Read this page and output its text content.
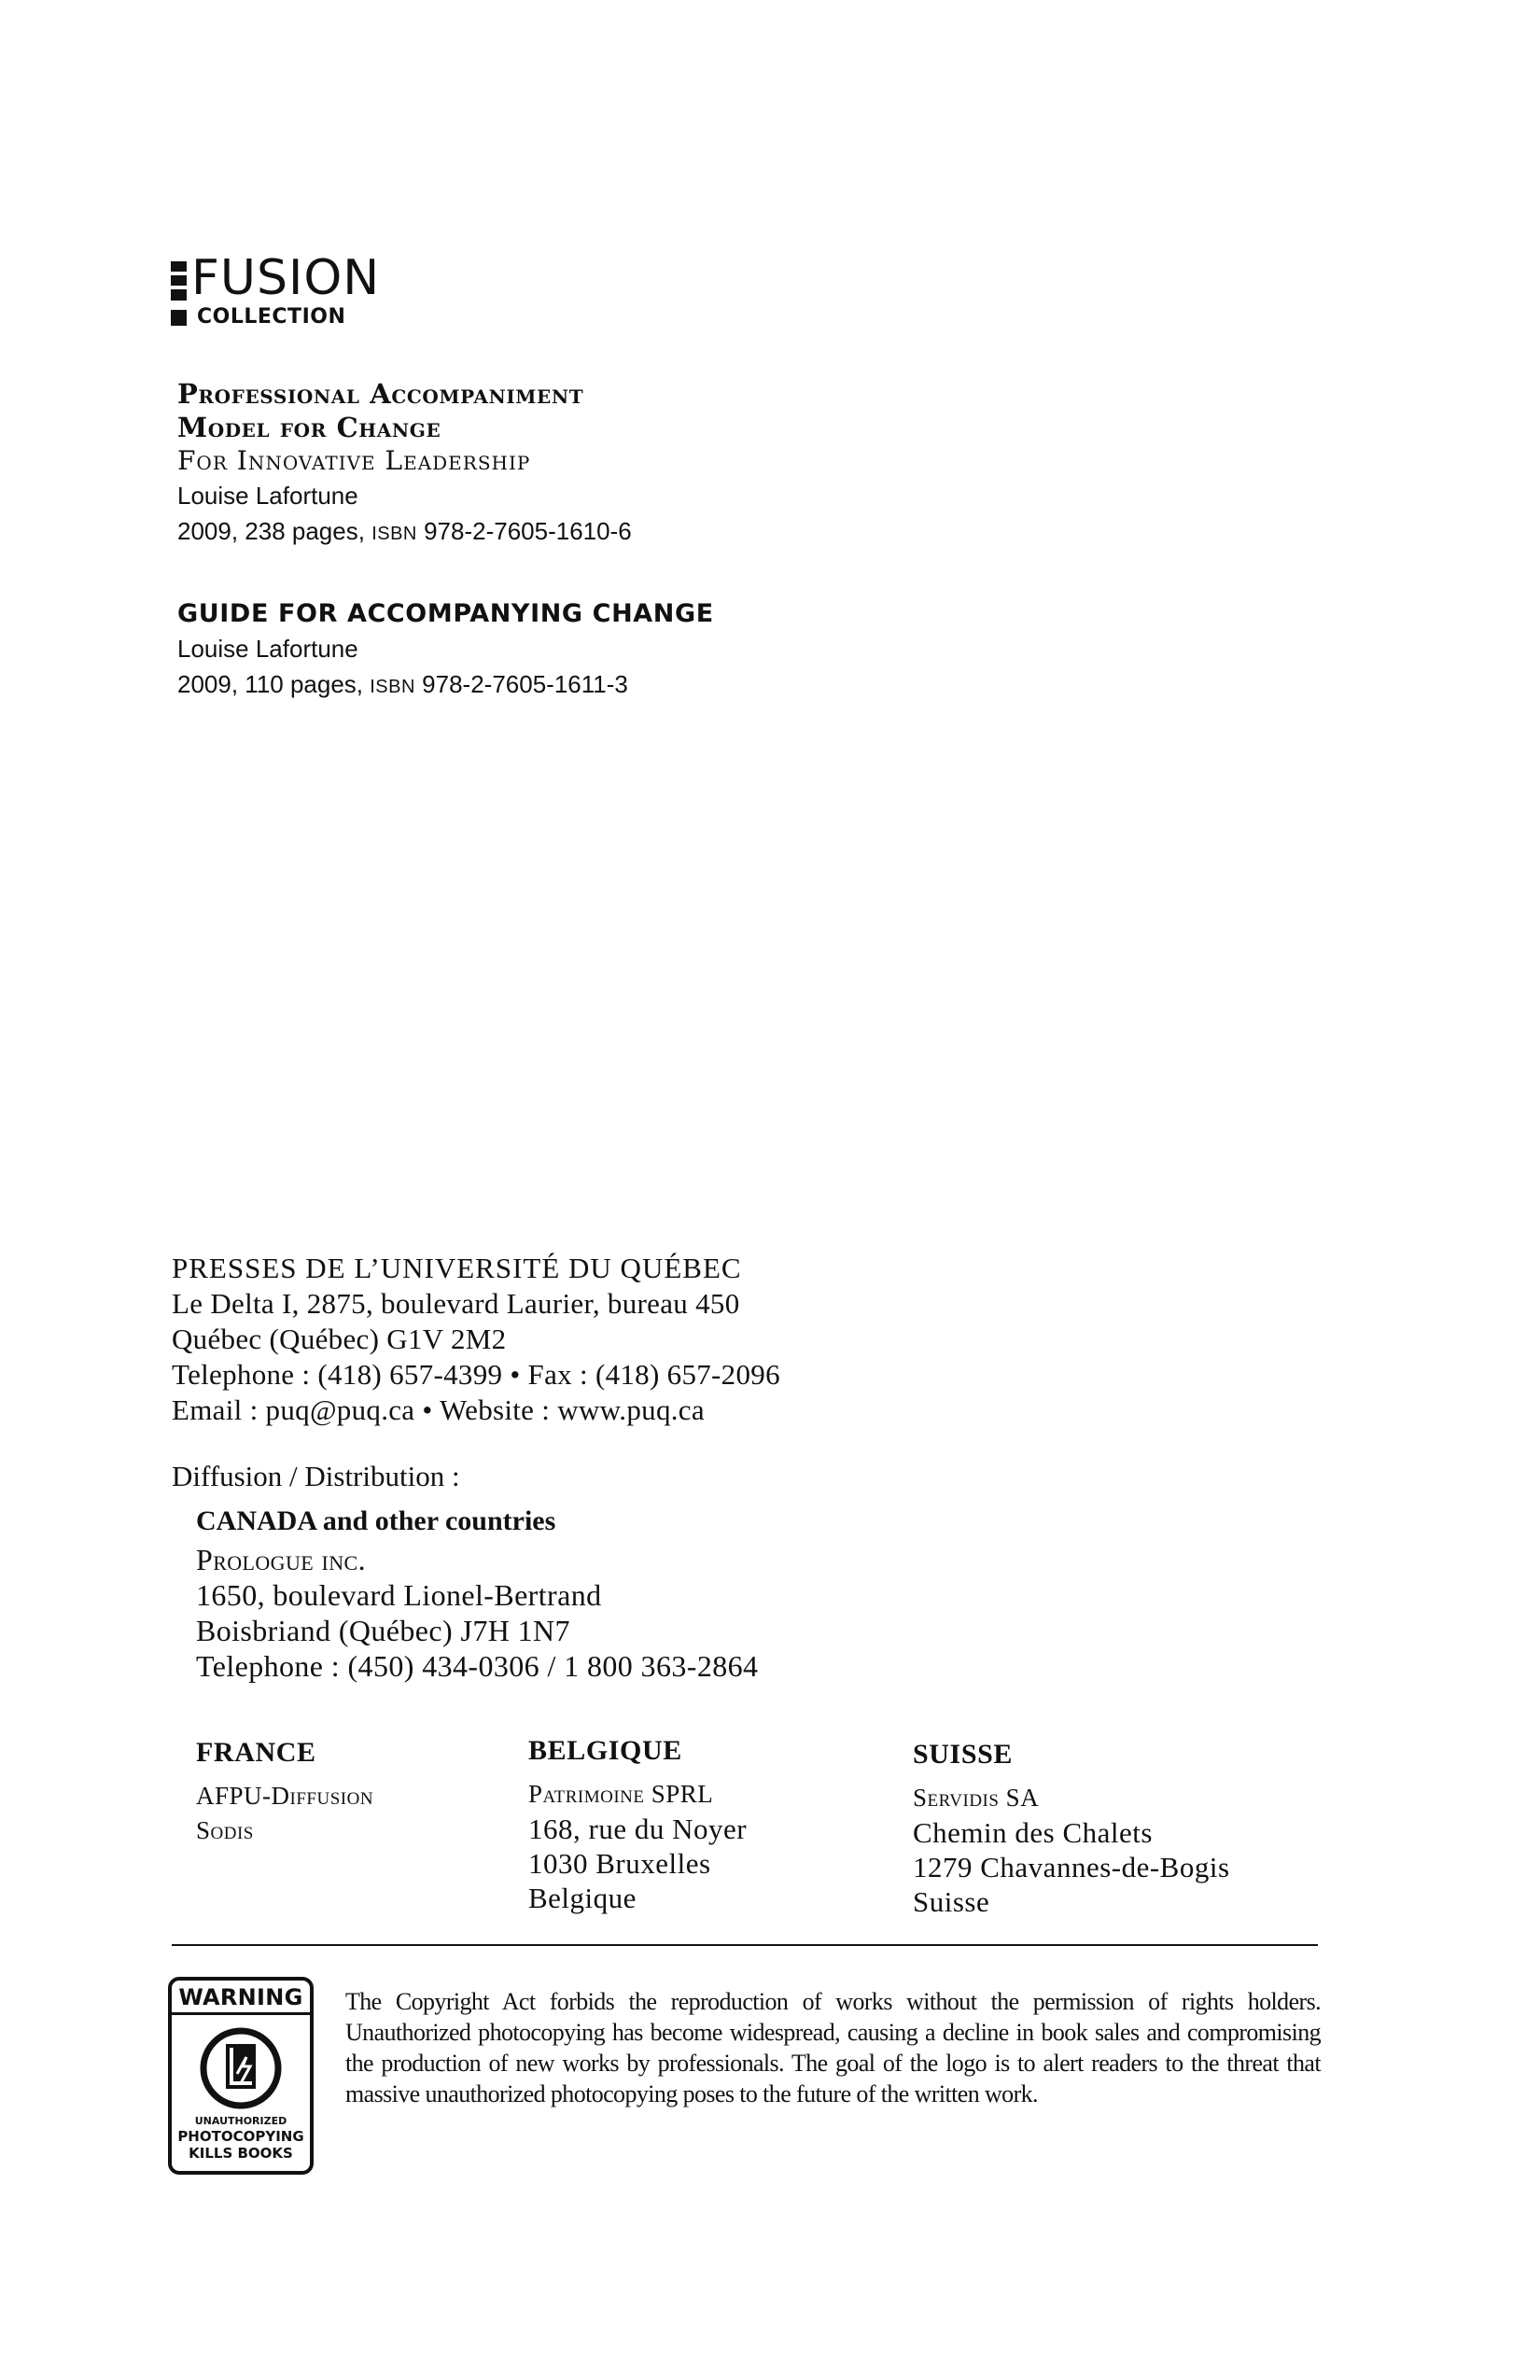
FUSION
COLLECTION
Professional Accompaniment
Model for Change
For Innovative Leadership
Louise Lafortune
2009, 238 pages, ISBN 978-2-7605-1610-6
GUIDE FOR ACCOMPANYING CHANGE
Louise Lafortune
2009, 110 pages, ISBN 978-2-7605-1611-3
PRESSES DE L’UNIVERSITÉ DU QUÉBEC
Le Delta I, 2875, boulevard Laurier, bureau 450
Québec (Québec) G1V 2M2
Telephone : (418) 657-4399 • Fax : (418) 657-2096
Email : puq@puq.ca • Website : www.puq.ca
Diffusion / Distribution :
CANADA and other countries
Prologue inc.
1650, boulevard Lionel-Bertrand
Boisbriand (Québec) J7H 1N7
Telephone : (450) 434-0306 / 1 800 363-2864
FRANCE
AFPU-Diffusion
Sodis
BELGIQUE
Patrimoine SPRL
168, rue du Noyer
1030 Bruxelles
Belgique
SUISSE
Servidis SA
Chemin des Chalets
1279 Chavannes-de-Bogis
Suisse
WARNING
UNAUTHORIZED
PHOTOCOPYING
KILLS BOOKS
The Copyright Act forbids the reproduction of works without the permission of rights holders. Unauthorized photocopying has become widespread, causing a decline in book sales and compromising the production of new works by professionals. The goal of the logo is to alert readers to the threat that massive unauthorized photocopying poses to the future of the written work.
